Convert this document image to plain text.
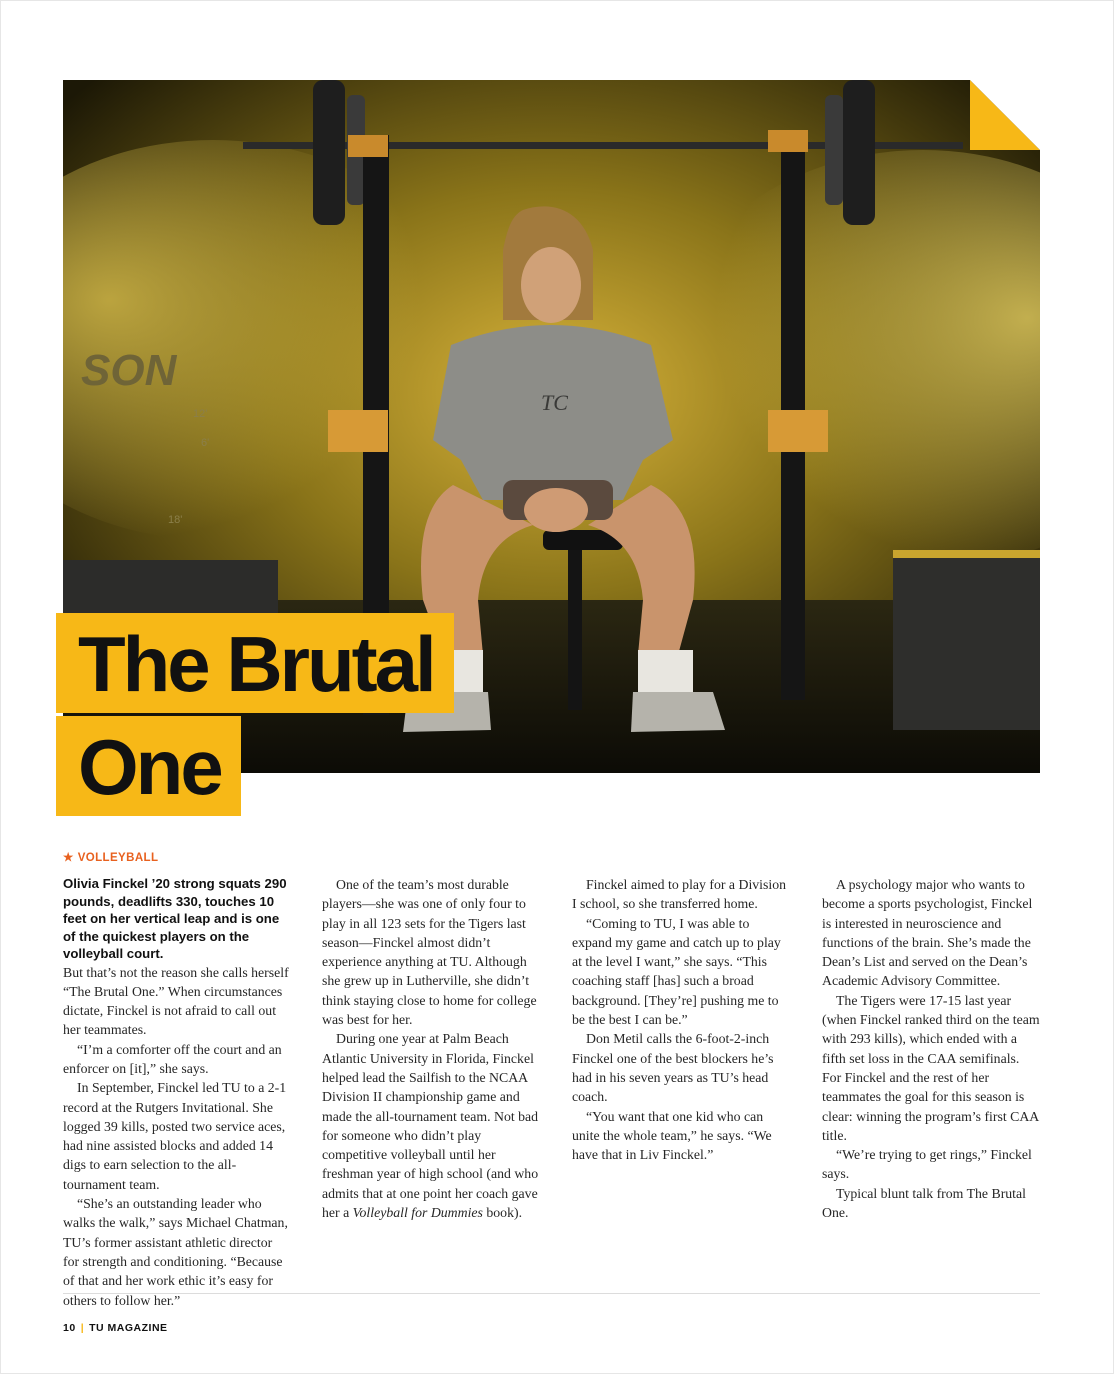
SON
12'
6'
18'
TC
The Brutal
One
★ VOLLEYBALL

Olivia Finckel ’20 strong squats 290 pounds, deadlifts 330, touches 10 feet on her vertical leap and is one of the quickest players on the volleyball court.

But that’s not the reason she calls herself “The Brutal One.” When circumstances dictate, Finckel is not afraid to call out her teammates.

“I’m a comforter off the court and an enforcer on [it],” she says.

In September, Finckel led TU to a 2-1 record at the Rutgers Invitational. She logged 39 kills, posted two service aces, had nine assisted blocks and added 14 digs to earn selection to the all-tournament team.

“She’s an outstanding leader who walks the walk,” says Michael Chatman, TU’s former assistant athletic director for strength and conditioning. “Because of that and her work ethic it’s easy for others to follow her.”

One of the team’s most durable players—she was one of only four to play in all 123 sets for the Tigers last season—Finckel almost didn’t experience anything at TU. Although she grew up in Lutherville, she didn’t think staying close to home for college was best for her.

During one year at Palm Beach Atlantic University in Florida, Finckel helped lead the Sailfish to the NCAA Division II championship game and made the all-tournament team. Not bad for someone who didn’t play competitive volleyball until her freshman year of high school (and who admits that at one point her coach gave her a Volleyball for Dummies book).

Finckel aimed to play for a Division I school, so she transferred home.

“Coming to TU, I was able to expand my game and catch up to play at the level I want,” she says. “This coaching staff [has] such a broad background. [They’re] pushing me to be the best I can be.”

Don Metil calls the 6-foot-2-inch Finckel one of the best blockers he’s had in his seven years as TU’s head coach.

“You want that one kid who can unite the whole team,” he says. “We have that in Liv Finckel.”

A psychology major who wants to become a sports psychologist, Finckel is interested in neuroscience and functions of the brain. She’s made the Dean’s List and served on the Dean’s Academic Advisory Committee.

The Tigers were 17-15 last year (when Finckel ranked third on the team with 293 kills), which ended with a fifth set loss in the CAA semifinals. For Finckel and the rest of her teammates the goal for this season is clear: winning the program’s first CAA title.

“We’re trying to get rings,” Finckel says.

Typical blunt talk from The Brutal One.

10 | TU MAGAZINE
